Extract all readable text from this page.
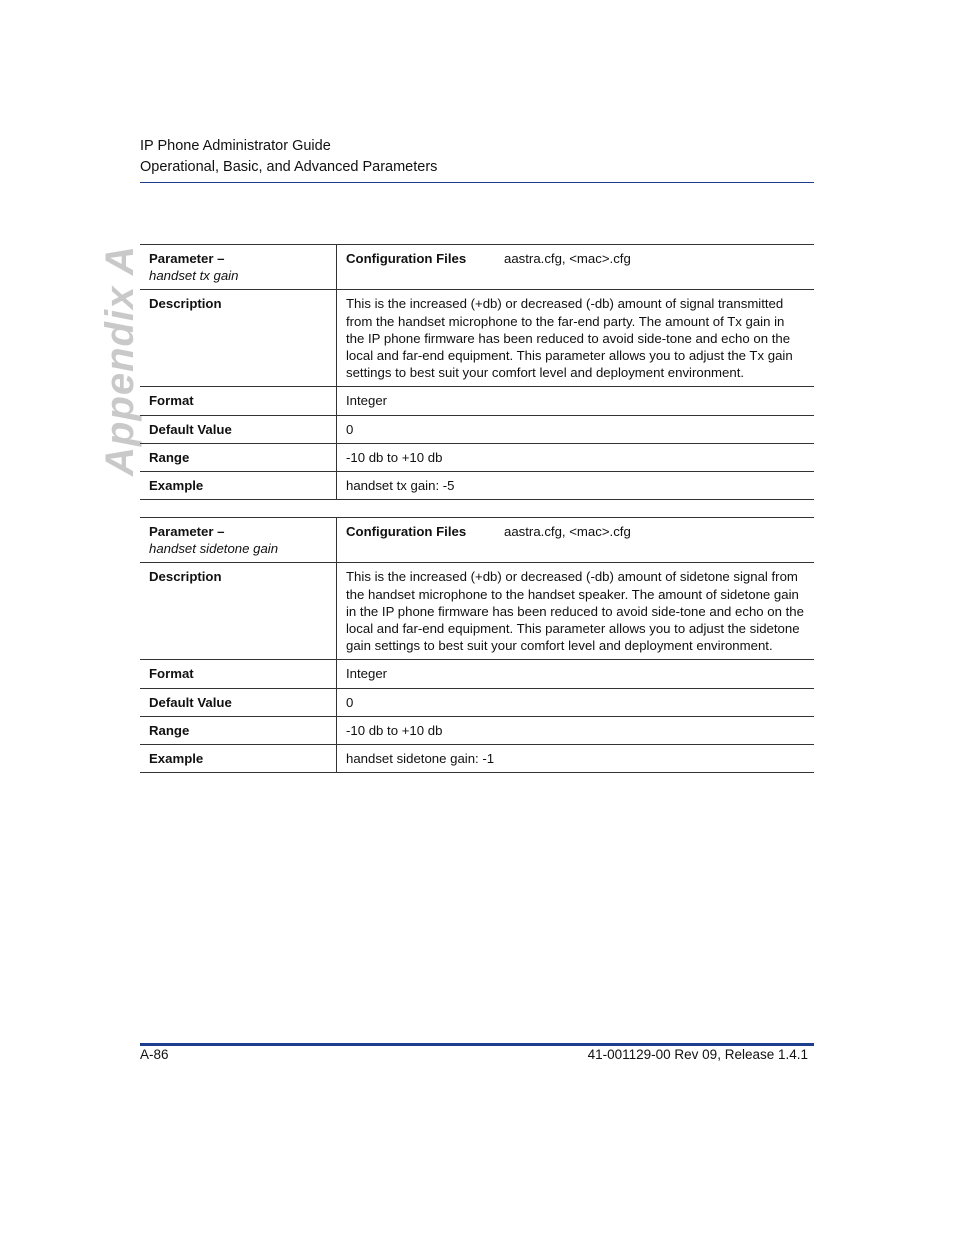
IP Phone Administrator Guide
Operational, Basic, and Advanced Parameters
Appendix A Parameter –
handset tx gain	Configuration Files aastra.cfg, <mac>.cfg
Description	This is the increased (+db) or decreased (-db) amount of signal transmitted from the handset microphone to the far-end party. The amount of Tx gain in the IP phone firmware has been reduced to avoid side-tone and echo on the local and far-end equipment. This parameter allows you to adjust the Tx gain settings to best suit your comfort level and deployment environment.
Format	Integer
Default Value	0
Range	-10 db to +10 db
Example	handset tx gain: -5
Parameter –
handset sidetone gain	Configuration Files aastra.cfg, <mac>.cfg
Description	This is the increased (+db) or decreased (-db) amount of sidetone signal from the handset microphone to the handset speaker. The amount of sidetone gain in the IP phone firmware has been reduced to avoid side-tone and echo on the local and far-end equipment. This parameter allows you to adjust the sidetone gain settings to best suit your comfort level and deployment environment.
Format	Integer
Default Value	0
Range	-10 db to +10 db
Example	handset sidetone gain: -1
A-86	41-001129-00 Rev 09, Release 1.4.1
